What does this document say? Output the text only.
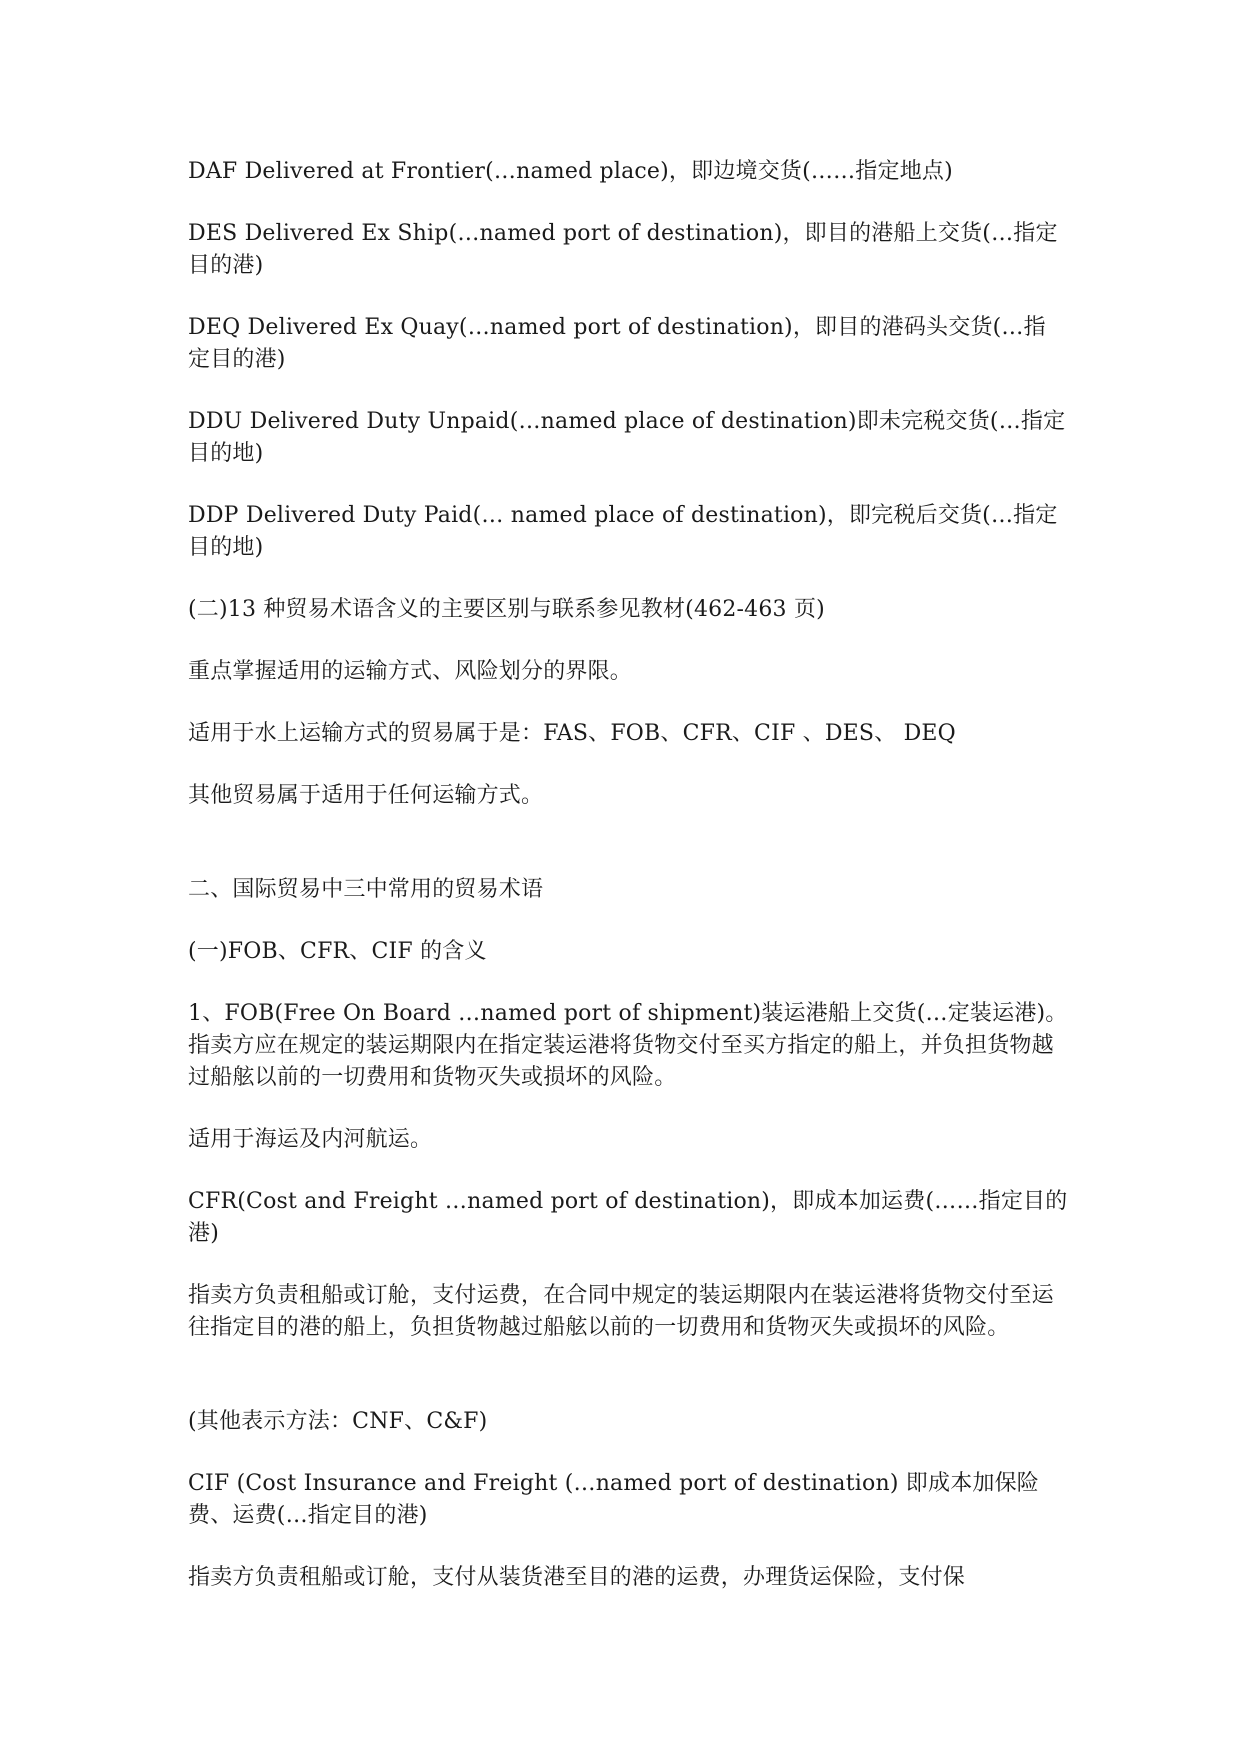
DAF Delivered at Frontier(…named place)，即边境交货(……指定地点)

DES Delivered Ex Ship(…named port of destination)，即目的港船上交货(…指定目的港)

DEQ Delivered Ex Quay(…named port of destination)，即目的港码头交货(…指定目的港)

DDU Delivered Duty Unpaid(…named place of destination)即未完税交货(…指定目的地)

DDP Delivered Duty Paid(… named place of destination)，即完税后交货(…指定目的地)

(二)13 种贸易术语含义的主要区别与联系参见教材(462-463 页)

重点掌握适用的运输方式、风险划分的界限。

适用于水上运输方式的贸易属于是：FAS、FOB、CFR、CIF 、DES、 DEQ

其他贸易属于适用于任何运输方式。

二、国际贸易中三中常用的贸易术语

(一)FOB、CFR、CIF 的含义

1、FOB(Free On Board …named port of shipment)装运港船上交货(…定装运港)。指卖方应在规定的装运期限内在指定装运港将货物交付至买方指定的船上，并负担货物越过船舷以前的一切费用和货物灭失或损坏的风险。

适用于海运及内河航运。

CFR(Cost and Freight …named port of destination)，即成本加运费(……指定目的港)

指卖方负责租船或订舱，支付运费，在合同中规定的装运期限内在装运港将货物交付至运往指定目的港的船上，负担货物越过船舷以前的一切费用和货物灭失或损坏的风险。

(其他表示方法：CNF、C&F)

CIF (Cost Insurance and Freight (…named port of destination) 即成本加保险费、运费(…指定目的港)

指卖方负责租船或订舱，支付从装货港至目的港的运费，办理货运保险，支付保
